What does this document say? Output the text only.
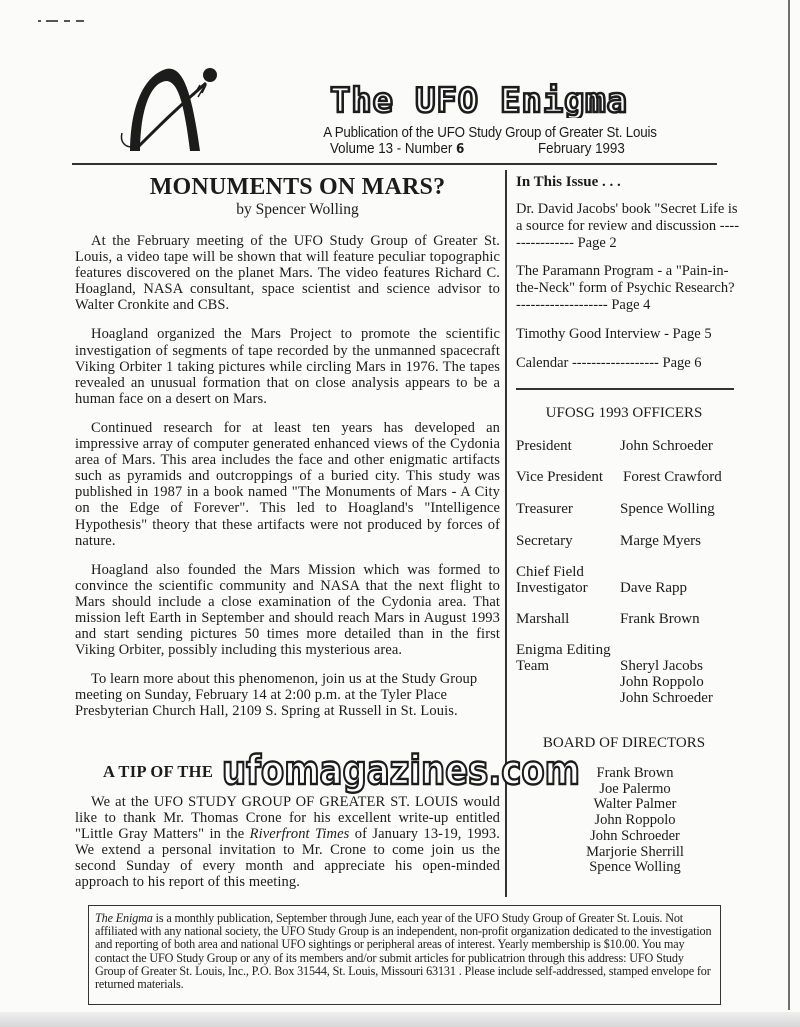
The UFO Enigma
A Publication of the UFO Study Group of Greater St. Louis
Volume 13 - Number 6	February 1993
MONUMENTS ON MARS?
by Spencer Wolling

At the February meeting of the UFO Study Group of Greater St. Louis, a video tape will be shown that will feature peculiar topographic features discovered on the planet Mars. The video features Richard C. Hoagland, NASA consultant, space scientist and science advisor to Walter Cronkite and CBS.

Hoagland organized the Mars Project to promote the scientific investigation of segments of tape recorded by the unmanned spacecraft Viking Orbiter 1 taking pictures while circling Mars in 1976. The tapes revealed an unusual formation that on close analysis appears to be a human face on a desert on Mars.

Continued research for at least ten years has developed an impressive array of computer generated enhanced views of the Cydonia area of Mars. This area includes the face and other enigmatic artifacts such as pyramids and outcroppings of a buried city. This study was published in 1987 in a book named "The Monuments of Mars - A City on the Edge of Forever". This led to Hoagland's "Intelligence Hypothesis" theory that these artifacts were not produced by forces of nature.

Hoagland also founded the Mars Mission which was formed to convince the scientific community and NASA that the next flight to Mars should include a close examination of the Cydonia area. That mission left Earth in September and should reach Mars in August 1993 and start sending pictures 50 times more detailed than in the first Viking Orbiter, possibly including this mysterious area.

To learn more about this phenomenon, join us at the Study Group meeting on Sunday, February 14 at 2:00 p.m. at the Tyler Place Presbyterian Church Hall, 2109 S. Spring at Russell in St. Louis.

A TIP OF THE

We at the UFO STUDY GROUP OF GREATER ST. LOUIS would like to thank Mr. Thomas Crone for his excellent write-up entitled "Little Gray Matters" in the Riverfront Times of January 13-19, 1993. We extend a personal invitation to Mr. Crone to come join us the second Sunday of every month and appreciate his open-minded approach to his report of this meeting.

In This Issue . . .
Dr. David Jacobs' book "Secret Life is a source for review and discussion ---------------- Page 2
The Paramann Program - a "Pain-in-the-Neck" form of Psychic Research? ------------------- Page 4
Timothy Good Interview - Page 5
Calendar ------------------ Page 6
UFOSG 1993 OFFICERS
President	John Schroeder
Vice President	Forest Crawford
Treasurer	Spence Wolling
Secretary	Marge Myers
Chief Field Investigator	Dave Rapp
Marshall	Frank Brown
Enigma Editing Team	Sheryl Jacobs
John Roppolo
John Schroeder
BOARD OF DIRECTORS
Frank Brown
Joe Palermo
Walter Palmer
John Roppolo
John Schroeder
Marjorie Sherrill
Spence Wolling

The Enigma is a monthly publication, September through June, each year of the UFO Study Group of Greater St. Louis. Not affiliated with any national society, the UFO Study Group is an independent, non-profit organization dedicated to the investigation and reporting of both area and national UFO sightings or peripheral areas of interest. Yearly membership is $10.00. You may contact the UFO Study Group or any of its members and/or submit articles for publicatrion through this address: UFO Study Group of Greater St. Louis, Inc., P.O. Box 31544, St. Louis, Missouri 63131 . Please include self-addressed, stamped envelope for returned materials.

ufomagazines.com
